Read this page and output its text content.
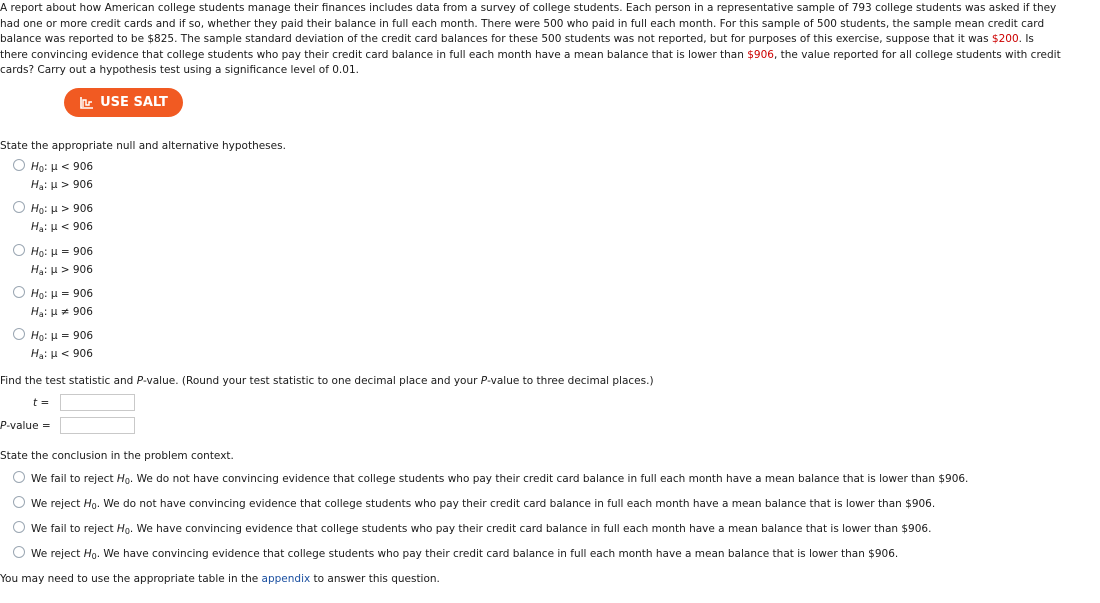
A report about how American college students manage their finances includes data from a survey of college students. Each person in a representative sample of 793 college students was asked if they
had one or more credit cards and if so, whether they paid their balance in full each month. There were 500 who paid in full each month. For this sample of 500 students, the sample mean credit card
balance was reported to be $825. The sample standard deviation of the credit card balances for these 500 students was not reported, but for purposes of this exercise, suppose that it was $200. Is
there convincing evidence that college students who pay their credit card balance in full each month have a mean balance that is lower than $906, the value reported for all college students with credit
cards? Carry out a hypothesis test using a significance level of 0.01.
USE SALT
State the appropriate null and alternative hypotheses.
$H_0$: μ < 906
$H_a$: μ > 906
$H_0$: μ > 906
$H_a$: μ < 906
$H_0$: μ = 906
$H_a$: μ > 906
$H_0$: μ = 906
$H_a$: μ ≠ 906
$H_0$: μ = 906
$H_a$: μ < 906
Find the test statistic and P-value. (Round your test statistic to one decimal place and your P-value to three decimal places.)
t =
P-value =
State the conclusion in the problem context.
We fail to reject $H_0$. We do not have convincing evidence that college students who pay their credit card balance in full each month have a mean balance that is lower than $906.
We reject $H_0$. We do not have convincing evidence that college students who pay their credit card balance in full each month have a mean balance that is lower than $906.
We fail to reject $H_0$. We have convincing evidence that college students who pay their credit card balance in full each month have a mean balance that is lower than $906.
We reject $H_0$. We have convincing evidence that college students who pay their credit card balance in full each month have a mean balance that is lower than $906.
You may need to use the appropriate table in the appendix to answer this question.
